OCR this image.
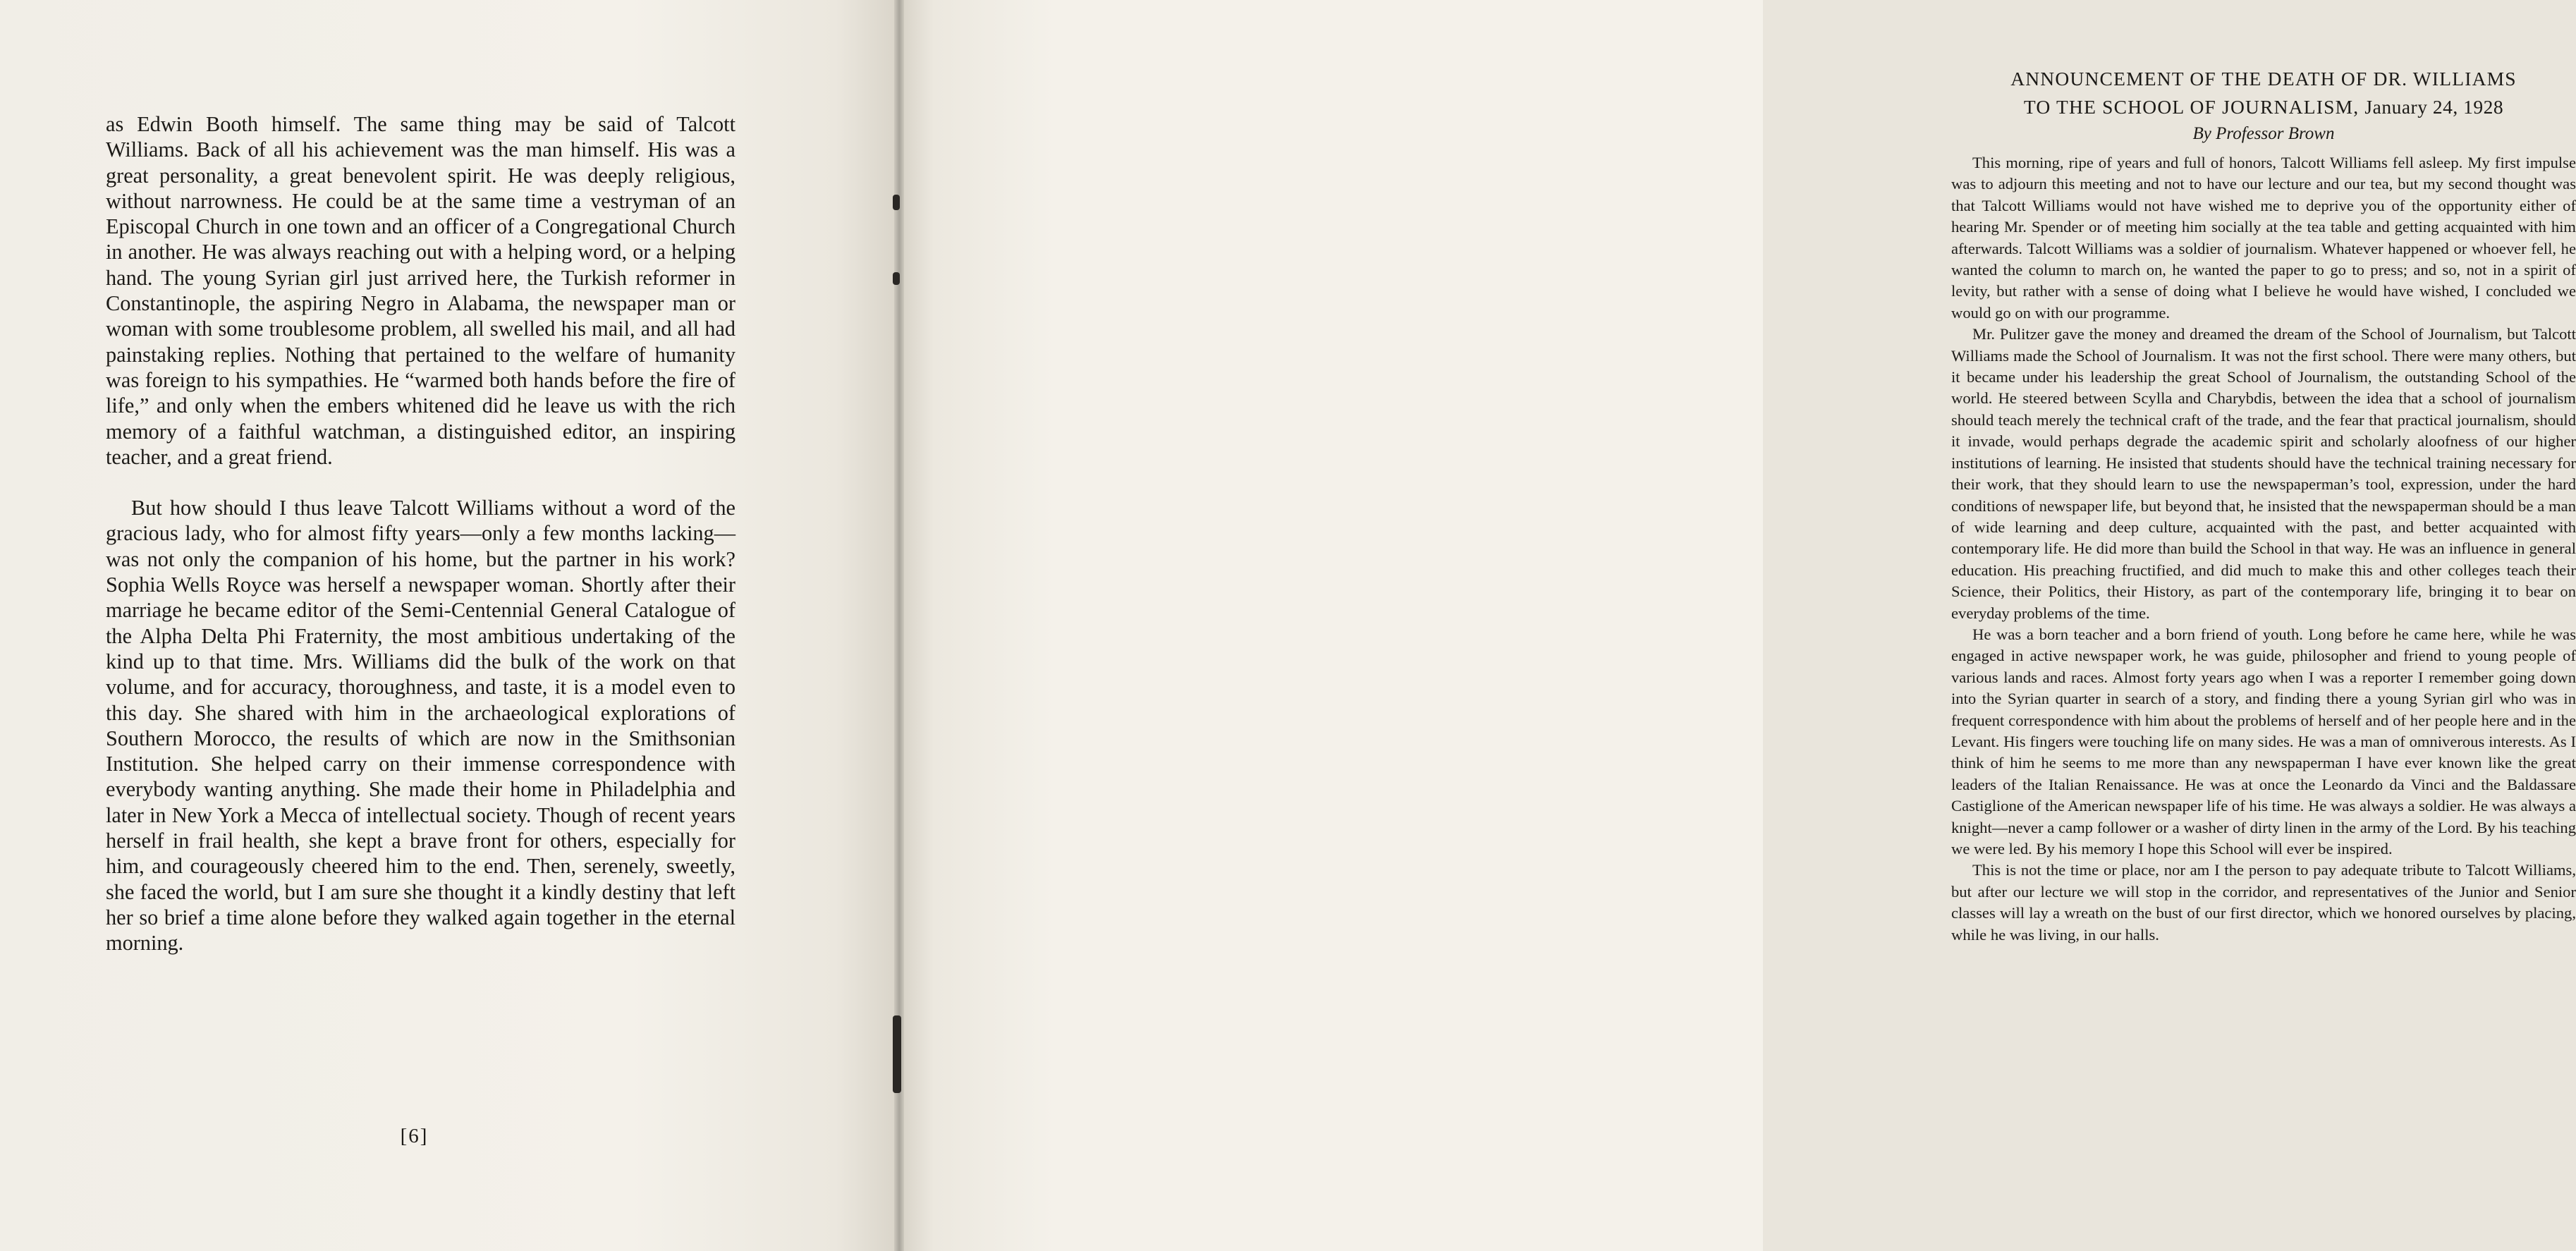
as Edwin Booth himself. The same thing may be said of Talcott Williams. Back of all his achievement was the man himself. His was a great personality, a great benevolent spirit. He was deeply religious, without narrowness. He could be at the same time a vestryman of an Episcopal Church in one town and an officer of a Congregational Church in another. He was always reaching out with a helping word, or a helping hand. The young Syrian girl just arrived here, the Turkish reformer in Constantinople, the aspiring Negro in Alabama, the newspaper man or woman with some troublesome problem, all swelled his mail, and all had painstaking replies. Nothing that pertained to the welfare of humanity was foreign to his sympathies. He “warmed both hands before the fire of life,” and only when the embers whitened did he leave us with the rich memory of a faithful watchman, a distinguished editor, an inspiring teacher, and a great friend.

But how should I thus leave Talcott Williams without a word of the gracious lady, who for almost fifty years—only a few months lacking—was not only the companion of his home, but the partner in his work? Sophia Wells Royce was herself a newspaper woman. Shortly after their marriage he became editor of the Semi-Centennial General Catalogue of the Alpha Delta Phi Fraternity, the most ambitious undertaking of the kind up to that time. Mrs. Williams did the bulk of the work on that volume, and for accuracy, thoroughness, and taste, it is a model even to this day. She shared with him in the archaeological explorations of Southern Morocco, the results of which are now in the Smithsonian Institution. She helped carry on their immense correspondence with everybody wanting anything. She made their home in Philadelphia and later in New York a Mecca of intellectual society. Though of recent years herself in frail health, she kept a brave front for others, especially for him, and courageously cheered him to the end. Then, serenely, sweetly, she faced the world, but I am sure she thought it a kindly destiny that left her so brief a time alone before they walked again together in the eternal morning.

[6]

ANNOUNCEMENT OF THE DEATH OF DR. WILLIAMS
TO THE SCHOOL OF JOURNALISM, January 24, 1928

By Professor Brown

This morning, ripe of years and full of honors, Talcott Williams fell asleep. My first impulse was to adjourn this meeting and not to have our lecture and our tea, but my second thought was that Talcott Williams would not have wished me to deprive you of the opportunity either of hearing Mr. Spender or of meeting him socially at the tea table and getting acquainted with him afterwards. Talcott Williams was a soldier of journalism. Whatever happened or whoever fell, he wanted the column to march on, he wanted the paper to go to press; and so, not in a spirit of levity, but rather with a sense of doing what I believe he would have wished, I concluded we would go on with our programme.

Mr. Pulitzer gave the money and dreamed the dream of the School of Journalism, but Talcott Williams made the School of Journalism. It was not the first school. There were many others, but it became under his leadership the great School of Journalism, the outstanding School of the world. He steered between Scylla and Charybdis, between the idea that a school of journalism should teach merely the technical craft of the trade, and the fear that practical journalism, should it invade, would perhaps degrade the academic spirit and scholarly aloofness of our higher institutions of learning. He insisted that students should have the technical training necessary for their work, that they should learn to use the newspaperman’s tool, expression, under the hard conditions of newspaper life, but beyond that, he insisted that the newspaperman should be a man of wide learning and deep culture, acquainted with the past, and better acquainted with contemporary life. He did more than build the School in that way. He was an influence in general education. His preaching fructified, and did much to make this and other colleges teach their Science, their Politics, their History, as part of the contemporary life, bringing it to bear on everyday problems of the time.

He was a born teacher and a born friend of youth. Long before he came here, while he was engaged in active newspaper work, he was guide, philosopher and friend to young people of various lands and races. Almost forty years ago when I was a reporter I remember going down into the Syrian quarter in search of a story, and finding there a young Syrian girl who was in frequent correspondence with him about the problems of herself and of her people here and in the Levant. His fingers were touching life on many sides. He was a man of omniverous interests. As I think of him he seems to me more than any newspaperman I have ever known like the great leaders of the Italian Renaissance. He was at once the Leonardo da Vinci and the Baldassare Castiglione of the American newspaper life of his time. He was always a soldier. He was always a knight—never a camp follower or a washer of dirty linen in the army of the Lord. By his teaching we were led. By his memory I hope this School will ever be inspired.

This is not the time or place, nor am I the person to pay adequate tribute to Talcott Williams, but after our lecture we will stop in the corridor, and representatives of the Junior and Senior classes will lay a wreath on the bust of our first director, which we honored ourselves by placing, while he was living, in our halls.
